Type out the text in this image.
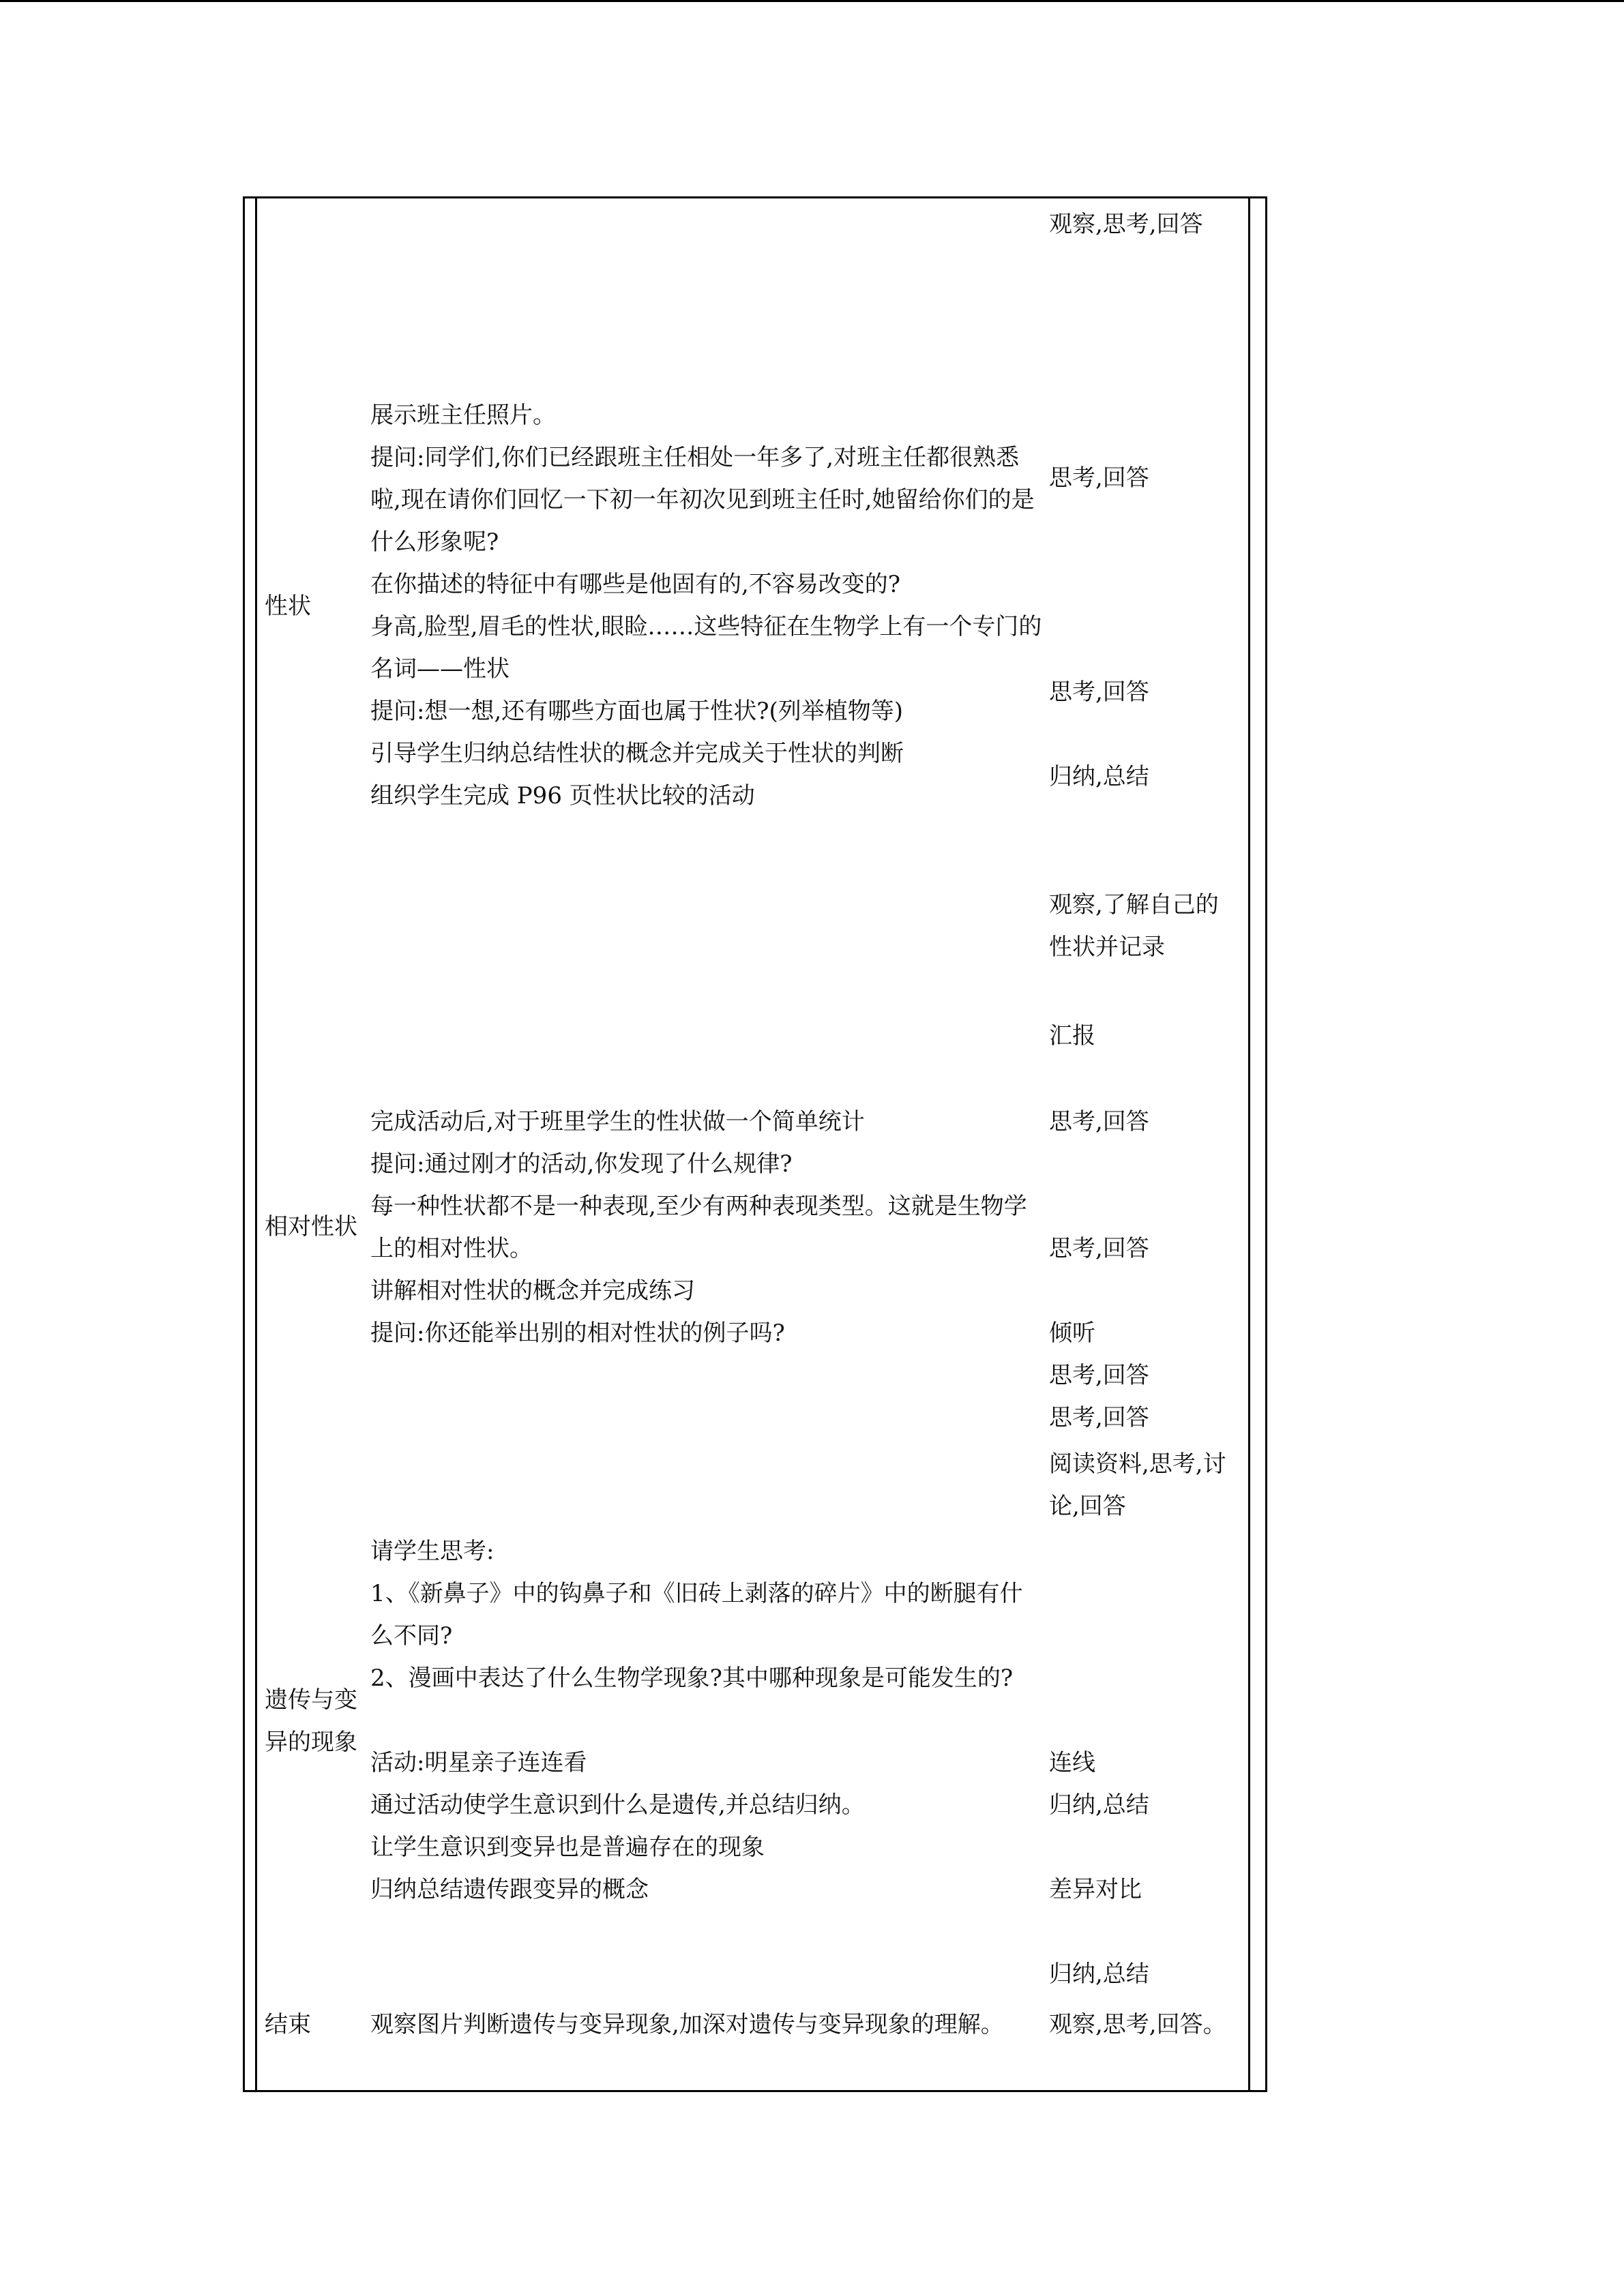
性状
相对性状
遗传与变异的现象
结束
展示班主任照片。
提问:同学们,你们已经跟班主任相处一年多了,对班主任都很熟悉啦,现在请你们回忆一下初一年初次见到班主任时,她留给你们的是什么形象呢?
在你描述的特征中有哪些是他固有的,不容易改变的?
身高,脸型,眉毛的性状,眼睑……这些特征在生物学上有一个专门的名词——性状
提问:想一想,还有哪些方面也属于性状?(列举植物等)
引导学生归纳总结性状的概念并完成关于性状的判断
组织学生完成 P96 页性状比较的活动
完成活动后,对于班里学生的性状做一个简单统计
提问:通过刚才的活动,你发现了什么规律?
每一种性状都不是一种表现,至少有两种表现类型。这就是生物学上的相对性状。
讲解相对性状的概念并完成练习
提问:你还能举出别的相对性状的例子吗?
请学生思考:
1、《新鼻子》中的钩鼻子和《旧砖上剥落的碎片》中的断腿有什么不同?
2、漫画中表达了什么生物学现象?其中哪种现象是可能发生的?
活动:明星亲子连连看
通过活动使学生意识到什么是遗传,并总结归纳。
让学生意识到变异也是普遍存在的现象
归纳总结遗传跟变异的概念
观察图片判断遗传与变异现象,加深对遗传与变异现象的理解。
观察,思考,回答
思考,回答
思考,回答
归纳,总结
观察,了解自己的性状并记录
汇报
思考,回答
思考,回答
倾听
思考,回答
思考,回答
阅读资料,思考,讨论,回答
连线
归纳,总结
差异对比
归纳,总结
观察,思考,回答。
